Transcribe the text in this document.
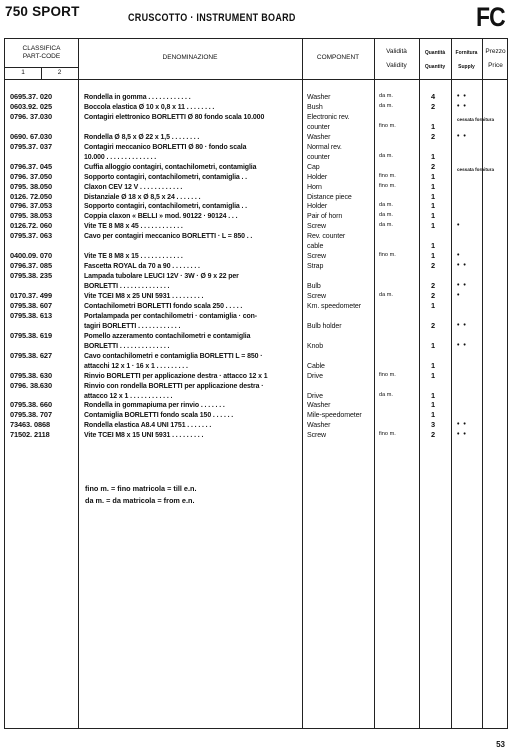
750 SPORT	CRUSCOTTO · INSTRUMENT BOARD	FC
CLASSIFICA
PART-CODE
1	2
DENOMINAZIONE	COMPONENT
Validità
Validity
Quantità
Quantity
Fornitura
Supply
Prezzo
Price
0695.37. 020	Rondella in gomma . . . . . . . . . . . .	Washer	da m.	4	• •
0603.92. 025	Boccola elastica Ø 10 x 0,8 x 11 . . . . . . . .	Bush	da m.	2	• •
0796. 37.030	Contagiri elettronico BORLETTI Ø 80 fondo scala 10.000	Electronic rev.
counter	fino m.	1
cessata fornitura
0690. 67.030	Rondella Ø 8,5 x Ø 22 x 1,5 . . . . . . . .	Washer	2	• •
0795.37. 037	Contagiri meccanico BORLETTI Ø 80 · fondo scala	Normal rev.
10.000 . . . . . . . . . . . . . .	counter	da m.	1
0796.37. 045	Cuffia alloggio contagiri, contachilometri, contamiglia	Cap	2
0796. 37.050	Sopporto contagiri, contachilometri, contamiglia . .	Holder	fino m.	1
cessata fornitura
0795. 38.050	Claxon CEV 12 V . . . . . . . . . . . .	Horn	fino m.	1
0126. 72.050	Distanziale Ø 18 x Ø 8,5 x 24 . . . . . . .	Distance piece	1
0796. 37.053	Sopporto contagiri, contachilometri, contamiglia . .	Holder	da m.	1
0795. 38.053	Coppia claxon « BELLI » mod. 90122 · 90124 . . .	Pair of horn	da m.	1
0126.72. 060	Vite TE 8 M8 x 45 . . . . . . . . . . . .	Screw	da m.	1	•
0795.37. 063	Cavo per contagiri meccanico BORLETTI · L = 850 . .	Rev. counter
cable	1
0400.09. 070	Vite TE 8 M8 x 15 . . . . . . . . . . . .	Screw	fino m.	1	•
0796.37. 085	Fascetta ROYAL da 70 a 90 . . . . . . . .	Strap	2	• •
0795.38. 235	Lampada tubolare LEUCI 12V · 3W · Ø 9 x 22 per
BORLETTI . . . . . . . . . . . . . .	Bulb	2	• •
0170.37. 499	Vite TCEI M8 x 25 UNI 5931 . . . . . . . . .	Screw	da m.	2	•
0795.38. 607	Contachilometri BORLETTI fondo scala 250 . . . . .	Km. speedometer	1
0795.38. 613	Portalampada per contachilometri · contamiglia · con-
tagiri BORLETTI . . . . . . . . . . . .	Bulb holder	2	• •
0795.38. 619	Pomello azzeramento contachilometri e contamiglia
BORLETTI . . . . . . . . . . . . . .	Knob	1	• •
0795.38. 627	Cavo contachilometri e contamiglia BORLETTI L = 850 ·
attacchi 12 x 1 · 16 x 1 . . . . . . . . .	Cable	1
0795.38. 630	Rinvio BORLETTI per applicazione destra · attacco 12 x 1	Drive	fino m.	1
0796. 38.630	Rinvio con rondella BORLETTI per applicazione destra ·
attacco 12 x 1 . . . . . . . . . . . .	Drive	da m.	1
0795.38. 660	Rondella in gommapiuma per rinvio . . . . . . .	Washer	1
0795.38. 707	Contamiglia BORLETTI fondo scala 150 . . . . . .	Mile-speedometer	1
73463. 0868	Rondella elastica A8.4 UNI 1751 . . . . . . .	Washer	3	• •
71502. 2118	Vite TCEI M8 x 15 UNI 5931 . . . . . . . . .	Screw	fino m.	2	• •
fino m. = fino matricola = till e.n.
da m. = da matricola = from e.n.
53
